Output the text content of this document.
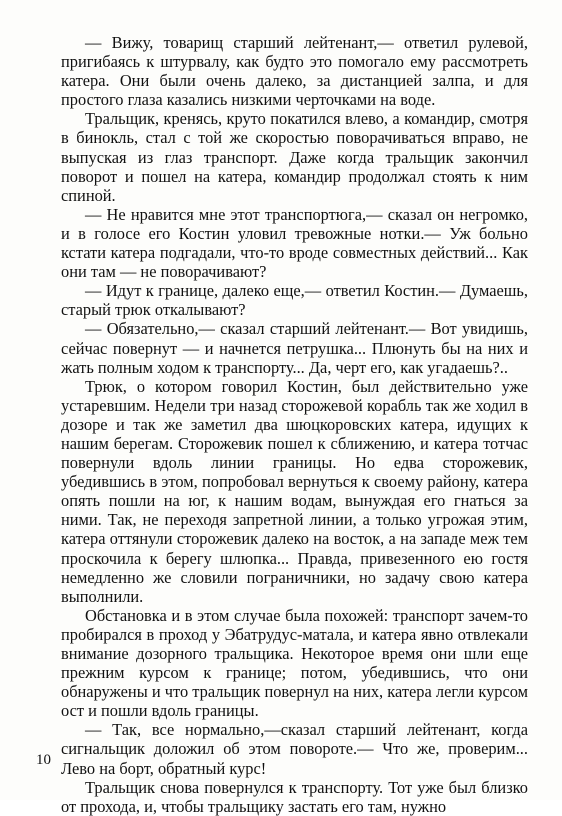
— Вижу, товарищ старший лейтенант,— ответил рулевой, пригибаясь к штурвалу, как будто это помогало ему рассмотреть катера. Они были очень далеко, за дистанцией залпа, и для простого глаза казались низкими черточками на воде.

Тральщик, кренясь, круто покатился влево, а командир, смотря в бинокль, стал с той же скоростью поворачиваться вправо, не выпуская из глаз транспорт. Даже когда тральщик закончил поворот и пошел на катера, командир продолжал стоять к ним спиной.

— Не нравится мне этот транспортюга,— сказал он негромко, и в голосе его Костин уловил тревожные нотки.— Уж больно кстати катера подгадали, что-то вроде совместных действий... Как они там — не поворачивают?

— Идут к границе, далеко еще,— ответил Костин.— Думаешь, старый трюк откалывают?

— Обязательно,— сказал старший лейтенант.— Вот увидишь, сейчас повернут — и начнется петрушка... Плюнуть бы на них и жать полным ходом к транспорту... Да, черт его, как угадаешь?..

Трюк, о котором говорил Костин, был действительно уже устаревшим. Недели три назад сторожевой корабль так же ходил в дозоре и так же заметил два шюцкоровских катера, идущих к нашим берегам. Сторожевик пошел к сближению, и катера тотчас повернули вдоль линии границы. Но едва сторожевик, убедившись в этом, попробовал вернуться к своему району, катера опять пошли на юг, к нашим водам, вынуждая его гнаться за ними. Так, не переходя запретной линии, а только угрожая этим, катера оттянули сторожевик далеко на восток, а на западе меж тем проскочила к берегу шлюпка... Правда, привезенного ею гостя немедленно же словили пограничники, но задачу свою катера выполнили.

Обстановка и в этом случае была похожей: транспорт зачем-то пробирался в проход у Эбатрудус-матала, и катера явно отвлекали внимание дозорного тральщика. Некоторое время они шли еще прежним курсом к границе; потом, убедившись, что они обнаружены и что тральщик повернул на них, катера легли курсом ост и пошли вдоль границы.

— Так, все нормально,—сказал старший лейтенант, когда сигнальщик доложил об этом повороте.— Что же, проверим... Лево на борт, обратный курс!

Тральщик снова повернулся к транспорту. Тот уже был близко от прохода, и, чтобы тральщику застать его там, нужно

10
